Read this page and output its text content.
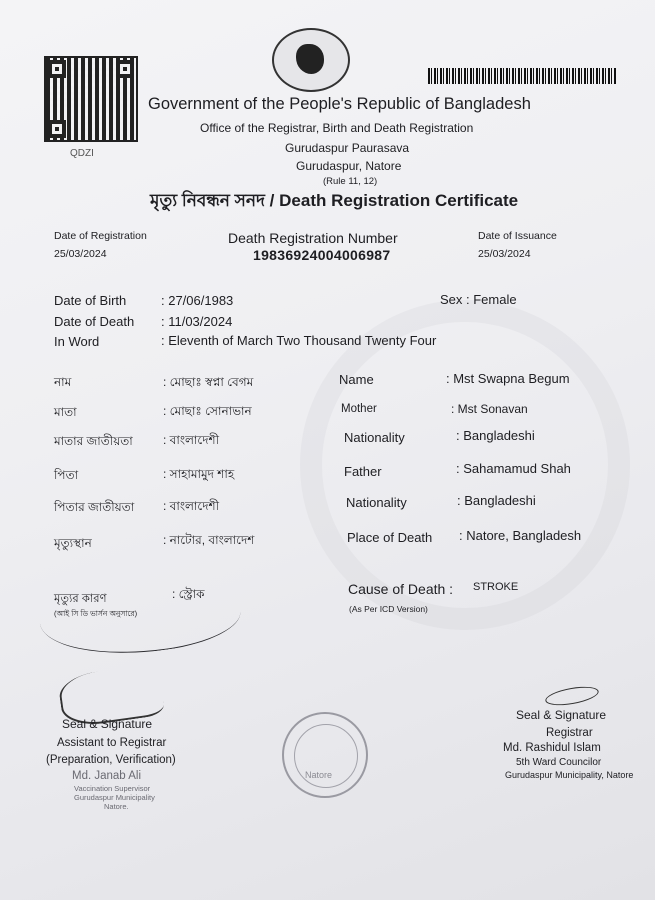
QDZI
Government of the People's Republic of Bangladesh
Office of the Registrar, Birth and Death Registration
Gurudaspur Paurasava
Gurudaspur, Natore
(Rule 11, 12)
মৃত্যু নিবন্ধন সনদ / Death Registration Certificate
Date of Registration
25/03/2024
Death Registration Number
19836924004006987
Date of Issuance
25/03/2024
Date of Birth	: 27/06/1983	Sex : Female
Date of Death : 11/03/2024
In Word	: Eleventh of March Two Thousand Twenty Four
নাম	: মোছাঃ স্বপ্না বেগম
মাতা	: মোছাঃ সোনাভান
মাতার জাতীয়তা	: বাংলাদেশী
পিতা	: সাহামামুদ শাহ
পিতার জাতীয়তা : বাংলাদেশী
মৃত্যুস্থান	: নাটোর, বাংলাদেশ
মৃত্যুর কারণ	: স্ট্রোক
(আই সি ডি ভার্সন অনুসারে)
Name	: Mst Swapna Begum
Mother	: Mst Sonavan
Nationality	: Bangladeshi
Father	: Sahamamud Shah
Nationality	: Bangladeshi
Place of Death : Natore, Bangladesh
Cause of Death : STROKE
(As Per ICD Version)
Seal & Signature
Assistant to Registrar
(Preparation, Verification)
Md. Janab Ali
Vaccination Supervisor
Gurudaspur Municipality
Natore.
Natore
Seal & Signature
Registrar
Md. Rashidul Islam
5th Ward Councilor
Gurudaspur Municipality, Natore
